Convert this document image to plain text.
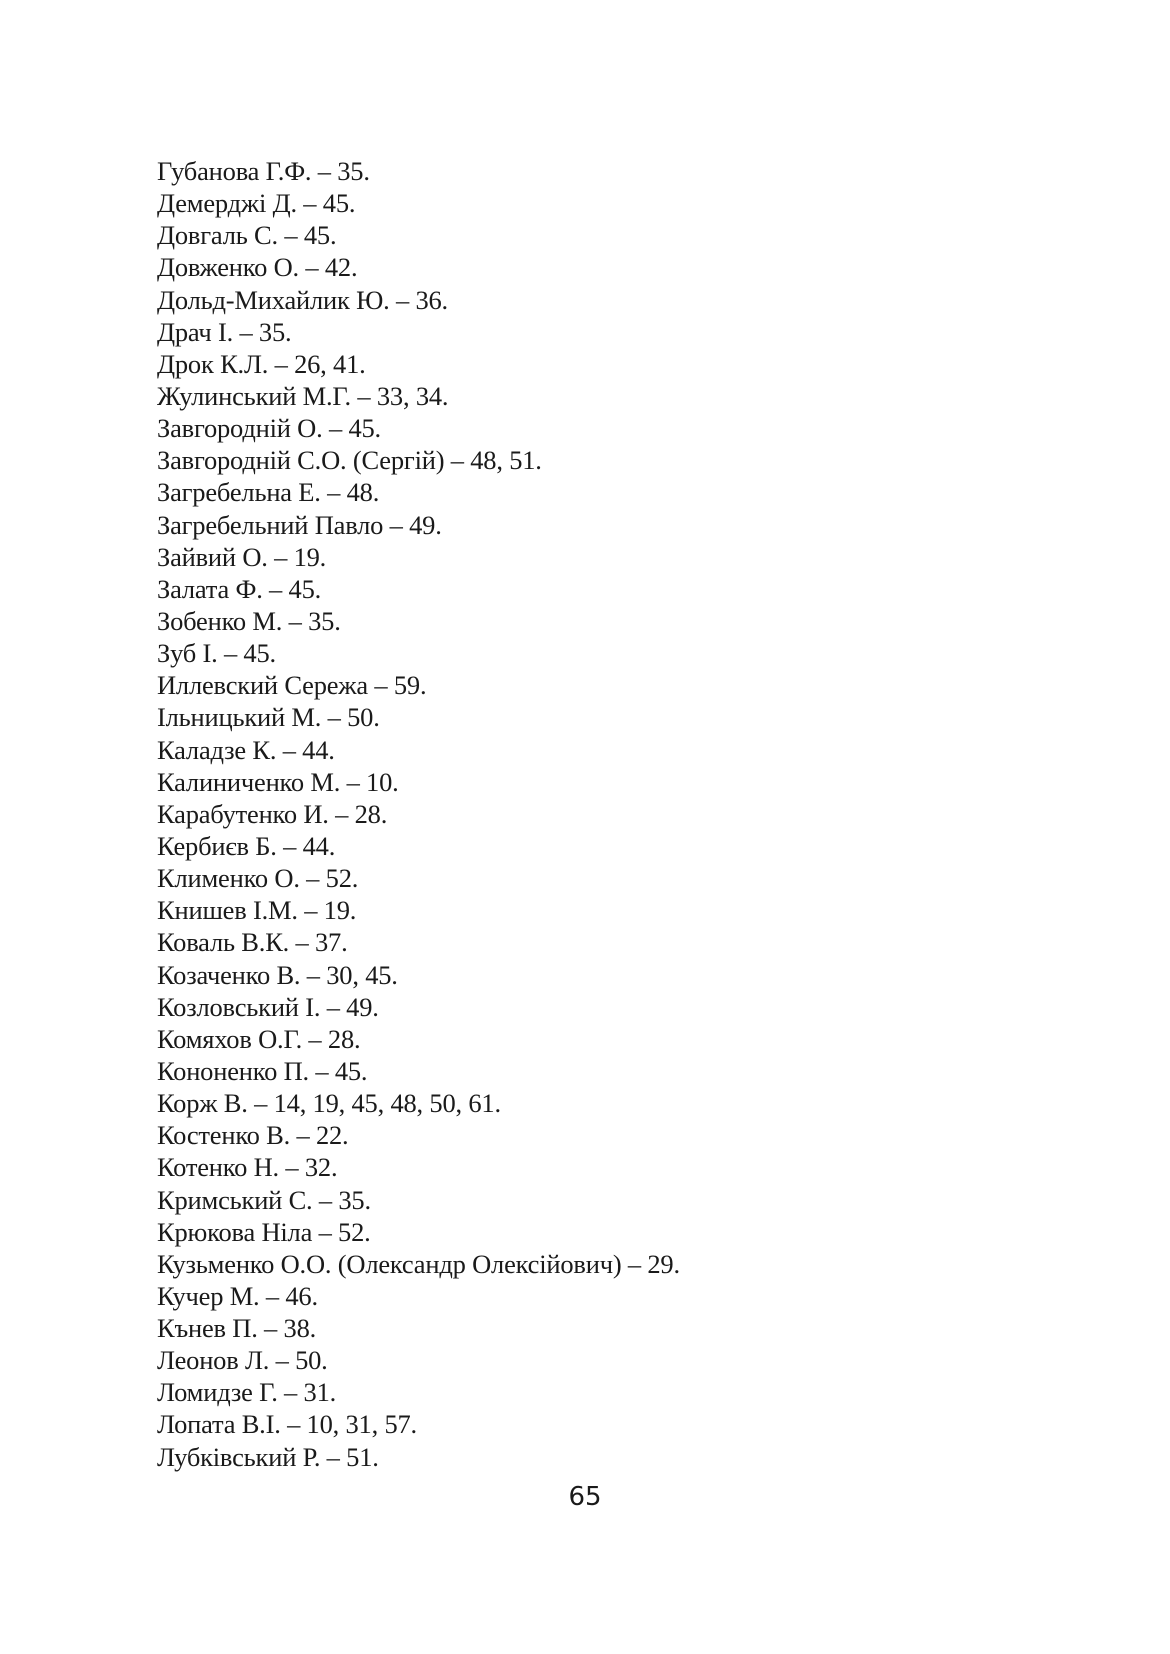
Губанова Г.Ф. – 35.
Демерджі Д. – 45.
Довгаль С. – 45.
Довженко О. – 42.
Дольд-Михайлик Ю. – 36.
Драч І. – 35.
Дрок К.Л. – 26, 41.
Жулинський М.Г. – 33, 34.
Завгородній О. – 45.
Завгородній С.О. (Сергій) – 48, 51.
Загребельна Е. – 48.
Загребельний Павло – 49.
Зайвий О. – 19.
Залата Ф. – 45.
Зобенко М. – 35.
Зуб І. – 45.
Иллевский Сережа – 59.
Ільницький М. – 50.
Каладзе К. – 44.
Калиниченко М. – 10.
Карабутенко И. – 28.
Кербиєв Б. – 44.
Клименко О. – 52.
Книшев І.М. – 19.
Коваль В.К. – 37.
Козаченко В. – 30, 45.
Козловський І. – 49.
Комяхов О.Г. – 28.
Кононенко П. – 45.
Корж В. – 14, 19, 45, 48, 50, 61.
Костенко В. – 22.
Котенко Н. – 32.
Кримський С. – 35.
Крюкова Ніла – 52.
Кузьменко О.О. (Олександр Олексійович) – 29.
Кучер М. – 46.
Кънев П. – 38.
Леонов Л. – 50.
Ломидзе Г. – 31.
Лопата В.І. – 10, 31, 57.
Лубківський Р. – 51.
65
